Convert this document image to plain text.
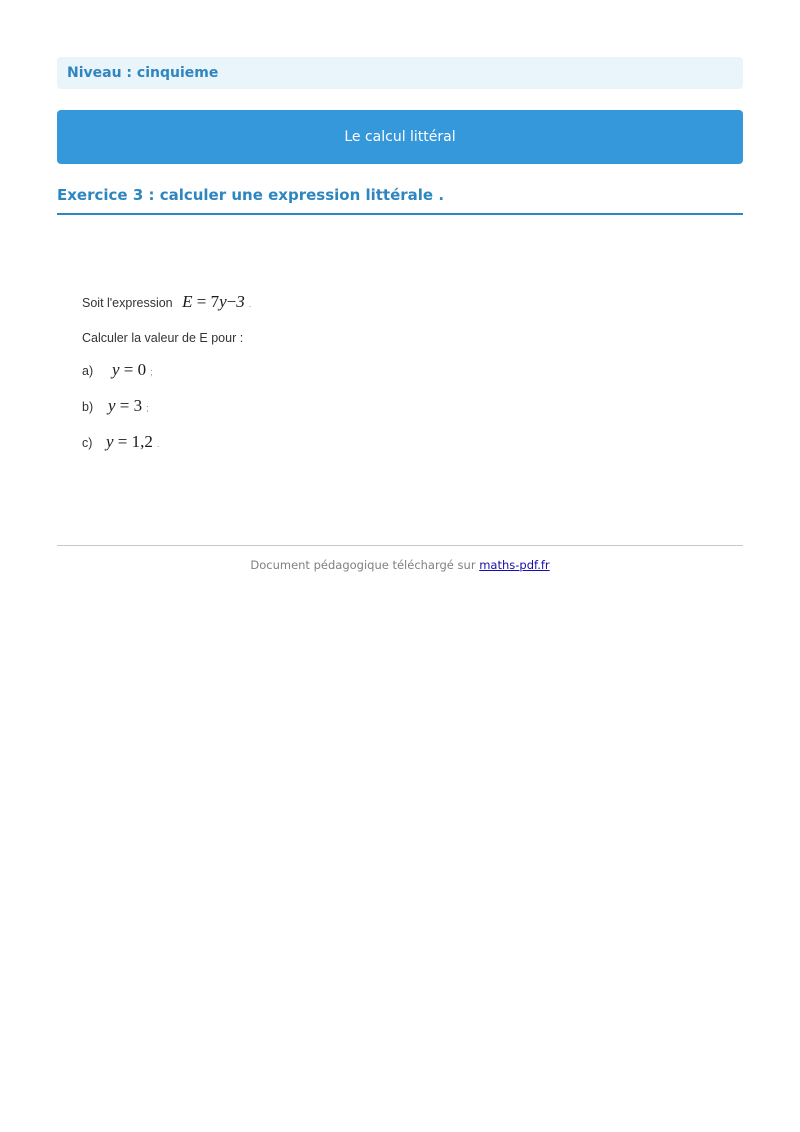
Niveau : cinquieme
Le calcul littéral
Exercice 3 : calculer une expression littérale .
Soit l'expression E = 7y−3 .
Calculer la valeur de E pour :
a) y = 0 ;
b) y = 3 ;
c) y = 1,2 .
Document pédagogique téléchargé sur maths-pdf.fr
